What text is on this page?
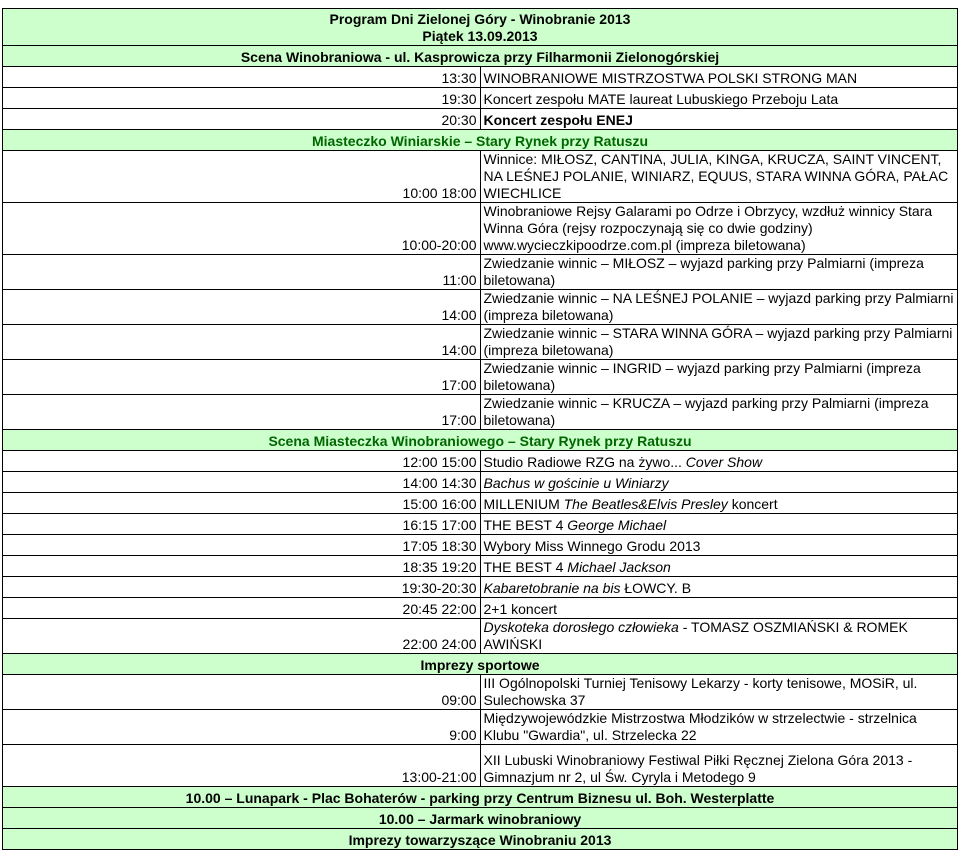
Program Dni Zielonej Góry - Winobranie 2013
Piątek 13.09.2013	

Scena Winobraniowa - ul. Kasprowicza przy Filharmonii Zielonogórskiej	
13:30	WINOBRANIOWE MISTRZOSTWA POLSKI STRONG MAN
19:30	Koncert zespołu MATE laureat Lubuskiego Przeboju Lata
20:30	Koncert zespołu ENEJ
Miasteczko Winiarskie – Stary Rynek przy Ratuszu	
10:00 18:00	Winnice: MIŁOSZ, CANTINA, JULIA, KINGA, KRUCZA, SAINT VINCENT, NA LEŚNEJ POLANIE, WINIARZ, EQUUS, STARA WINNA GÓRA, PAŁAC WIECHLICE
10:00-20:00	Winobraniowe Rejsy Galarami po Odrze i Obrzycy, wzdłuż winnicy Stara Winna Góra (rejsy rozpoczynają się co dwie godziny) www.wycieczkipoodrze.com.pl (impreza biletowana)
11:00	Zwiedzanie winnic – MIŁOSZ – wyjazd parking przy Palmiarni (impreza biletowana)
14:00	Zwiedzanie winnic – NA LEŚNEJ POLANIE – wyjazd parking przy Palmiarni (impreza biletowana)
14:00	Zwiedzanie winnic – STARA WINNA GÓRA – wyjazd parking przy Palmiarni (impreza biletowana)
17:00	Zwiedzanie winnic – INGRID – wyjazd parking przy Palmiarni (impreza biletowana)
17:00	Zwiedzanie winnic – KRUCZA – wyjazd parking przy Palmiarni (impreza biletowana)
Scena Miasteczka Winobraniowego – Stary Rynek przy Ratuszu	
12:00 15:00	Studio Radiowe RZG na żywo... Cover Show
14:00 14:30	Bachus w gościnie u Winiarzy
15:00 16:00	MILLENIUM The Beatles&Elvis Presley koncert
16:15 17:00	THE BEST 4 George Michael
17:05 18:30	Wybory Miss Winnego Grodu 2013
18:35 19:20	THE BEST 4 Michael Jackson
19:30-20:30	Kabaretobranie na bis ŁOWCY. B
20:45 22:00	2+1 koncert
22:00 24:00	Dyskoteka dorosłego człowieka - TOMASZ OSZMIAŃSKI & ROMEK AWIŃSKI
Imprezy sportowe	
09:00	III Ogólnopolski Turniej Tenisowy Lekarzy - korty tenisowe, MOSiR, ul. Sulechowska 37
9:00	Międzywojewódzkie Mistrzostwa Młodzików w strzelectwie - strzelnica Klubu "Gwardia", ul. Strzelecka 22
13:00-21:00	XII Lubuski Winobraniowy Festiwal Piłki Ręcznej Zielona Góra 2013 - Gimnazjum nr 2, ul Św. Cyryla i Metodego 9
10.00 – Lunapark - Plac Bohaterów - parking przy Centrum Biznesu ul. Boh. Westerplatte	
10.00 – Jarmark winobraniowy	
Imprezy towarzyszące Winobraniu 2013	
